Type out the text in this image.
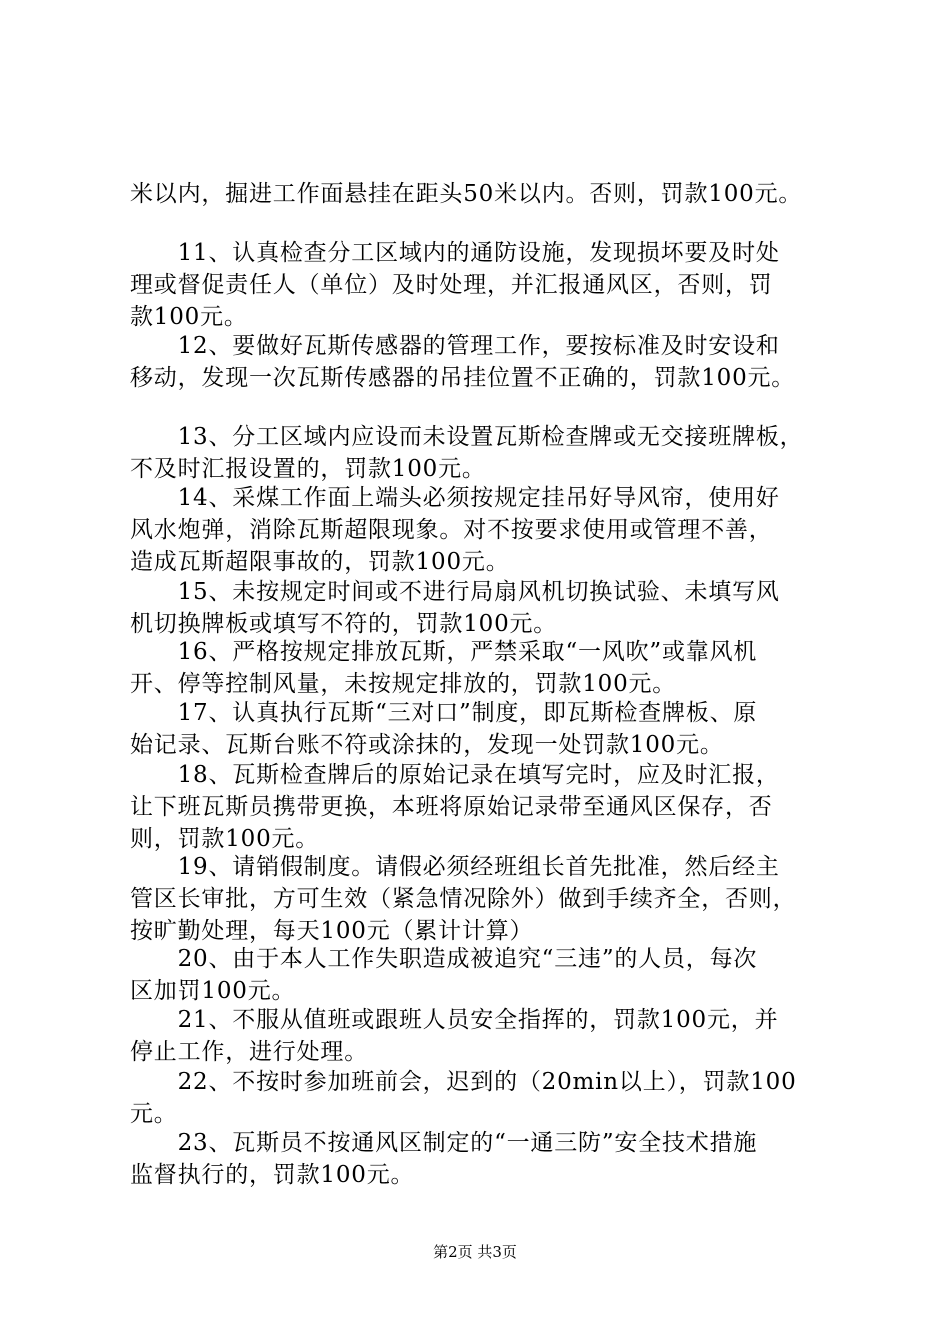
米以内，掘进工作面悬挂在距头50米以内。否则，罚款100元。
　　11、认真检查分工区域内的通防设施，发现损坏要及时处
理或督促责任人（单位）及时处理，并汇报通风区，否则，罚
款100元。
　　12、要做好瓦斯传感器的管理工作，要按标准及时安设和
移动，发现一次瓦斯传感器的吊挂位置不正确的，罚款100元。
　　13、分工区域内应设而未设置瓦斯检查牌或无交接班牌板，
不及时汇报设置的，罚款100元。
　　14、采煤工作面上端头必须按规定挂吊好导风帘，使用好
风水炮弹，消除瓦斯超限现象。对不按要求使用或管理不善，
造成瓦斯超限事故的，罚款100元。
　　15、未按规定时间或不进行局扇风机切换试验、未填写风
机切换牌板或填写不符的，罚款100元。
　　16、严格按规定排放瓦斯，严禁采取“一风吹”或靠风机
开、停等控制风量，未按规定排放的，罚款100元。
　　17、认真执行瓦斯“三对口”制度，即瓦斯检查牌板、原
始记录、瓦斯台账不符或涂抹的，发现一处罚款100元。
　　18、瓦斯检查牌后的原始记录在填写完时，应及时汇报，
让下班瓦斯员携带更换，本班将原始记录带至通风区保存，否
则，罚款100元。
　　19、请销假制度。请假必须经班组长首先批准，然后经主
管区长审批，方可生效（紧急情况除外）做到手续齐全，否则，
按旷勤处理，每天100元（累计计算）
　　20、由于本人工作失职造成被追究“三违”的人员，每次
区加罚100元。
　　21、不服从值班或跟班人员安全指挥的，罚款100元，并
停止工作，进行处理。
　　22、不按时参加班前会，迟到的（20min以上），罚款100
元。
　　23、瓦斯员不按通风区制定的“一通三防”安全技术措施
监督执行的，罚款100元。
第2页 共3页
